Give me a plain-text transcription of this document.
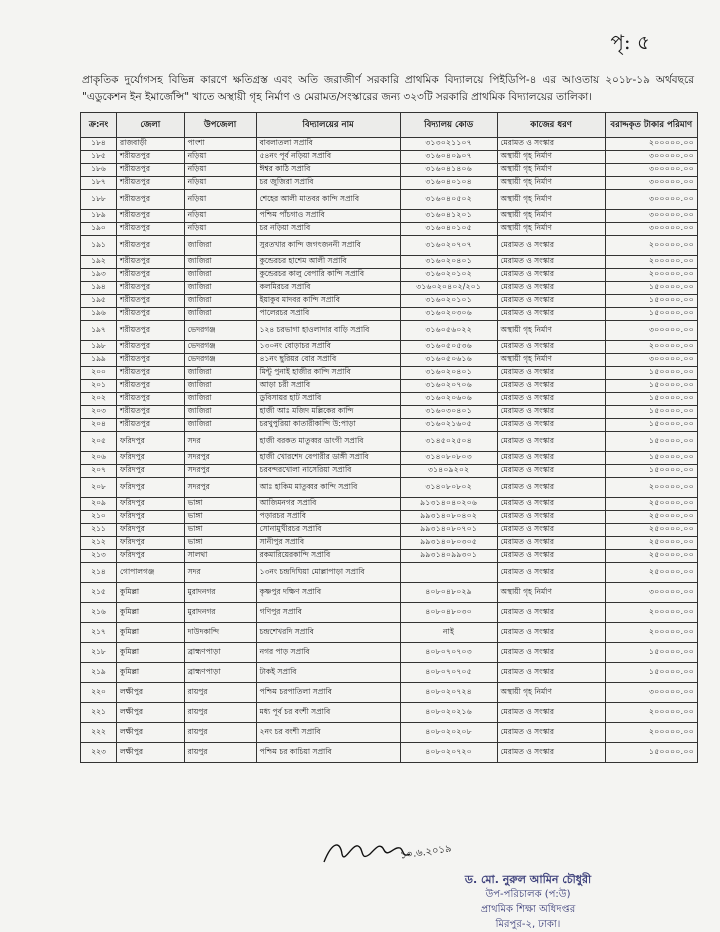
পৃ: ৫
প্রাকৃতিক দুর্যোগসহ বিভিন্ন কারণে ক্ষতিগ্রস্ত এবং অতি জরাজীর্ণ সরকারি প্রাথমিক বিদ্যালয়ে পিইডিপি-৪ এর আওতায় ২০১৮-১৯ অর্থবছরে "এডুকেশন ইন ইমার্জেন্সি" খাতে অস্থায়ী গৃহ নির্মাণ ও মেরামত/সংস্কারের জন্য ৩২৩টি সরকারি প্রাথমিক বিদ্যালয়ের তালিকা।
ক্র:নং	জেলা	উপজেলা	বিদ্যালয়ের নাম	বিদ্যালয় কোড	কাজের ধরণ	বরাদ্দকৃত টাকার পরিমাণ
১৮৪	রাজবাড়ী	পাংশা	বাবলাতলা সপ্রাবি	৩১৩০২১১০৭	মেরামত ও সংস্কার	২০০০০০.০০
১৮৫	শরীয়তপুর	নড়িয়া	৫৪নং পূর্ব নড়িয়া সপ্রাবি	৩১৬০৪০৯০৭	অস্থায়ী গৃহ নির্মাণ	৩০০০০০.০০
১৮৬	শরীয়তপুর	নড়িয়া	ঈশ্বর কাঠি সপ্রাবি	৩১৬০৪১৪০৬	অস্থায়ী গৃহ নির্মাণ	৩০০০০০.০০
১৮৭	শরীয়তপুর	নড়িয়া	চর জুজিরা সপ্রাবি	৩১৬০৪০১০৪	অস্থায়ী গৃহ নির্মাণ	৩০০০০০.০০
১৮৮	শরীয়তপুর	নড়িয়া	শেহের আলী মাতবর কান্দি সপ্রাবি	৩১৬০৪০৫০২	অস্থায়ী গৃহ নির্মাণ	৩০০০০০.০০
১৮৯	শরীয়তপুর	নড়িয়া	পশ্চিম পাঁচগাও সপ্রাবি	৩১৬০৪১২০১	অস্থায়ী গৃহ নির্মাণ	৩০০০০০.০০
১৯০	শরীয়তপুর	নড়িয়া	চর নড়িয়া সপ্রাবি	৩১৬০৪০১০৫	অস্থায়ী গৃহ নির্মাণ	৩০০০০০.০০
১৯১	শরীয়তপুর	জাজিরা	সুরতখার কান্দি জগৎজননী সপ্রাবি	৩১৬০২০৭০৭	মেরামত ও সংস্কার	২০০০০০.০০
১৯২	শরীয়তপুর	জাজিরা	কুন্ডেরচর হাশেম আলী সপ্রাবি	৩১৬০২০৪০১	মেরামত ও সংস্কার	২০০০০০.০০
১৯৩	শরীয়তপুর	জাজিরা	কুন্ডেরচর কালু বেপারি কান্দি সপ্রাবি	৩১৬০২০১০২	মেরামত ও সংস্কার	২০০০০০.০০
১৯৪	শরীয়তপুর	জাজিরা	কলমিরচর সপ্রাবি	৩১৬০২০৪০২/২০১	মেরামত ও সংস্কার	১৫০০০০.০০
১৯৫	শরীয়তপুর	জাজিরা	ইয়াকুব মাদবর কান্দি সপ্রাবি	৩১৬০২০১০১	মেরামত ও সংস্কার	১৫০০০০.০০
১৯৬	শরীয়তপুর	জাজিরা	পালেরচর সপ্রাবি	৩১৬০২০৩০৬	মেরামত ও সংস্কার	১৫০০০০.০০
১৯৭	শরীয়তপুর	ভেদরগঞ্জ	১২৪ চরভাগা হাওলাদার বাড়ি সপ্রাবি	৩১৬০৫৬০২২	অস্থায়ী গৃহ নির্মাণ	৩০০০০০.০০
১৯৮	শরীয়তপুর	ভেদরগঞ্জ	১৩০নং বোড়াচর সপ্রাবি	৩১৬০৫০৫৩৬	মেরামত ও সংস্কার	২০০০০০.০০
১৯৯	শরীয়তপুর	ভেদরগঞ্জ	৪১নং ছুরিয়র বোর সপ্রাবি	৩১৬০৫০৬১৬	অস্থায়ী গৃহ নির্মাণ	৩০০০০০.০০
২০০	শরীয়তপুর	জাজিরা	মিন্টু পুনাই হাজীর কান্দি সপ্রাবি	৩১৬০২০৪০১	মেরামত ও সংস্কার	১৫০০০০.০০
২০১	শরীয়তপুর	জাজিরা	আড়া চরী সপ্রাবি	৩১৬০২০৭০৬	মেরামত ও সংস্কার	১৫০০০০.০০
২০২	শরীয়তপুর	জাজিরা	ডুবিসায়র হাট সপ্রাবি	৩১৬০২০৬০৬	মেরামত ও সংস্কার	১৫০০০০.০০
২০৩	শরীয়তপুর	জাজিরা	হাজী আঃ মজিদ মল্লিকের কান্দি	৩১৬০৩০৪০১	মেরামত ও সংস্কার	১৫০০০০.০০
২০৪	শরীয়তপুর	জাজিরা	চরখুপুরিয়া কাতারীকান্দি উ:পাড়া	৩১৬০২১৬০৫	মেরামত ও সংস্কার	১৫০০০০.০০
২০৫	ফরিদপুর	সদর	হাজী বরকত মাতুব্বর ডাংগী সপ্রাবি	৩১৪৫০২৫০৪	মেরামত ও সংস্কার	১৫০০০০.০০
২০৬	ফরিদপুর	সদরপুর	হাজী খোরশেদ বেপারীর ডাঙ্গী সপ্রাবি	৩১৪০৮০৮০৩	মেরামত ও সংস্কার	১৫০০০০.০০
২০৭	ফরিদপুর	সদরপুর	চরবন্দরখোলা নাসেরিয়া সপ্রাবি	৩১৪০৯২০২	মেরামত ও সংস্কার	১৫০০০০.০০
২০৮	ফরিদপুর	সদরপুর	আঃ হাকিম মাতুব্বর কান্দি সপ্রাবি	৩১৪০৮০৮০২	মেরামত ও সংস্কার	২০০০০০.০০
২০৯	ফরিদপুর	ভাঙ্গা	আজিমনগর সপ্রাবি	৯১৩১৪০৪০২০৬	মেরামত ও সংস্কার	২৫০০০০.০০
২১০	ফরিদপুর	ভাঙ্গা	পড়ারচর সপ্রাবি	৯৯৩১৪০৮০৪০২	মেরামত ও সংস্কার	২৫০০০০.০০
২১১	ফরিদপুর	ভাঙ্গা	সোনামুখীরচর সপ্রাবি	৯৯৩১৪০৮০৭০১	মেরামত ও সংস্কার	২৫০০০০.০০
২১২	ফরিদপুর	ভাঙ্গা	সানীপুর সপ্রাবি	৯৯৩১৪০৮০৩০৫	মেরামত ও সংস্কার	২৫০০০০.০০
২১৩	ফরিদপুর	সালথা	রকমারিয়েরকান্দি সপ্রাবি	৯৯৩১৪০৯৯৩০১	মেরামত ও সংস্কার	২৫০০০০.০০
২১৪	গোপালগঞ্জ	সদর	১৩নং চন্দ্রদিঘিয়া মোল্লাপাড়া সপ্রাবি		মেরামত ও সংস্কার	২৫০০০০.০০
২১৫	কুমিল্লা	মুরাদনগর	কৃষ্ণপুর দক্ষিণ সপ্রাবি	৪০৮০৪৮০২৯	অস্থায়ী গৃহ নির্মাণ	৩০০০০০.০০
২১৬	কুমিল্লা	মুরাদনগর	গণিপুর সপ্রাবি	৪০৮০৪৮০৩০	মেরামত ও সংস্কার	২০০০০০.০০
২১৭	কুমিল্লা	দাউদকান্দি	চন্দ্রশেখরদি সপ্রাবি	নাই	মেরামত ও সংস্কার	২০০০০০.০০
২১৮	কুমিল্লা	ব্রাহ্মণপাড়া	নগর পাড় সপ্রাবি	৪০৮০৭০৭০৩	মেরামত ও সংস্কার	১৫০০০০.০০
২১৯	কুমিল্লা	ব্রাহ্মণপাড়া	টাকই সপ্রাবি	৪০৮০৭০৭০৫	মেরামত ও সংস্কার	১৫০০০০.০০
২২০	লক্ষীপুর	রায়পুর	পশ্চিম চরপাতিলা সপ্রাবি	৪০৮০২০৭২৪	অস্থায়ী গৃহ নির্মাণ	৩০০০০০.০০
২২১	লক্ষীপুর	রায়পুর	মধ্য পূর্ব চর বংশী সপ্রাবি	৪০৮০২০২১৬	মেরামত ও সংস্কার	২০০০০০.০০
২২২	লক্ষীপুর	রায়পুর	২নং চর বংশী সপ্রাবি	৪০৮০২০২০৮	মেরামত ও সংস্কার	২০০০০০.০০
২২৩	লক্ষীপুর	রায়পুর	পশ্চিম চর কাচিয়া সপ্রাবি	৪০৮০২০৭২০	মেরামত ও সংস্কার	১৫০০০০.০০
১০.৬.২০১৯
ড. মো. নুরুল আমিন চৌধুরী
উপ-পরিচালক (প:উ)
প্রাথমিক শিক্ষা অধিদপ্তর
মিরপুর-২, ঢাকা।
